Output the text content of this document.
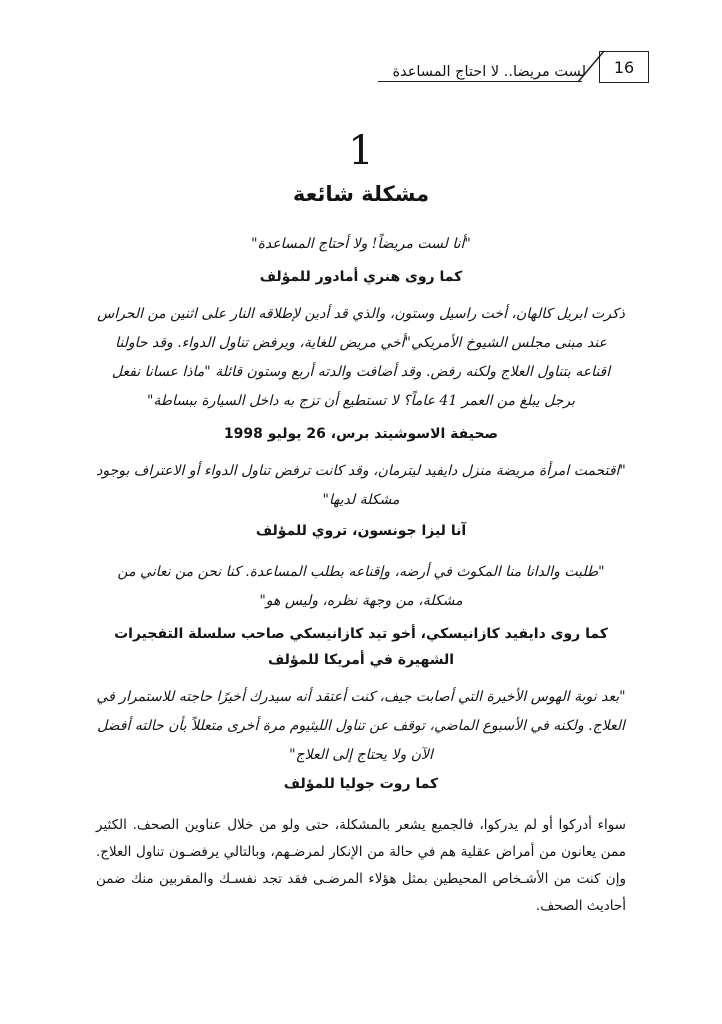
16
لست مريضا.. لا احتاج المساعدة
1
مشكلة شائعة
"أنا لست مريضاً! ولا أحتاج المساعدة"
كما روى هنري أمادور للمؤلف
ذكرت ابريل كالهان، أخت راسيل وستون، والذي قد أدين لإطلاقه النار على اثنين من الحراس عند مبنى مجلس الشيوخ الأمريكي"أخي مريض للغاية، ويرفض تناول الدواء. وقد حاولنا اقناعه بتناول العلاج ولكنه رفض. وقد أضافت والدته أربع وستون قائلة "ماذا عسانا نفعل برجل يبلغ من العمر 41 عاماً؟ لا تستطيع أن تزج به داخل السيارة ببساطة"
صحيفة الاسوشيتد برس، 26 يوليو 1998
"اقتحمت امرأة مريضة منزل دايفيد ليترمان، وقد كانت ترفض تناول الدواء أو الاعتراف بوجود مشكلة لديها"
آنا ليزا جونسون، تروي للمؤلف
"طلبت والدانا منا المكوث في أرضه، وإقناعه بطلب المساعدة. كنا نحن من نعاني من مشكلة، من وجهة نظره، وليس هو"
كما روى دايفيد كازانيسكي، أخو تيد كازانيسكي صاحب سلسلة التفجيرات الشهيرة في أمريكا للمؤلف
"بعد نوبة الهوس الأخيرة التي أصابت جيف، كنت أعتقد أنه سيدرك أخيرًا حاجته للاستمرار في العلاج. ولكنه في الأسبوع الماضي، توقف عن تناول الليثيوم مرة أخرى متعللاً بأن حالته أفضل الآن ولا يحتاج إلى العلاج"
كما روت جوليا للمؤلف
سواء أدركوا أو لم يدركوا، فالجميع يشعر بالمشكلة، حتى ولو من خلال عناوين الصحف. الكثير ممن يعانون من أمراض عقلية هم في حالة من الإنكار لمرضـهم، وبالتالي يرفضـون تناول العلاج. وإن كنت من الأشـخاص المحيطين بمثل هؤلاء المرضـى فقد تجد نفسـك والمقربين منك ضمن أحاديث الصحف.
